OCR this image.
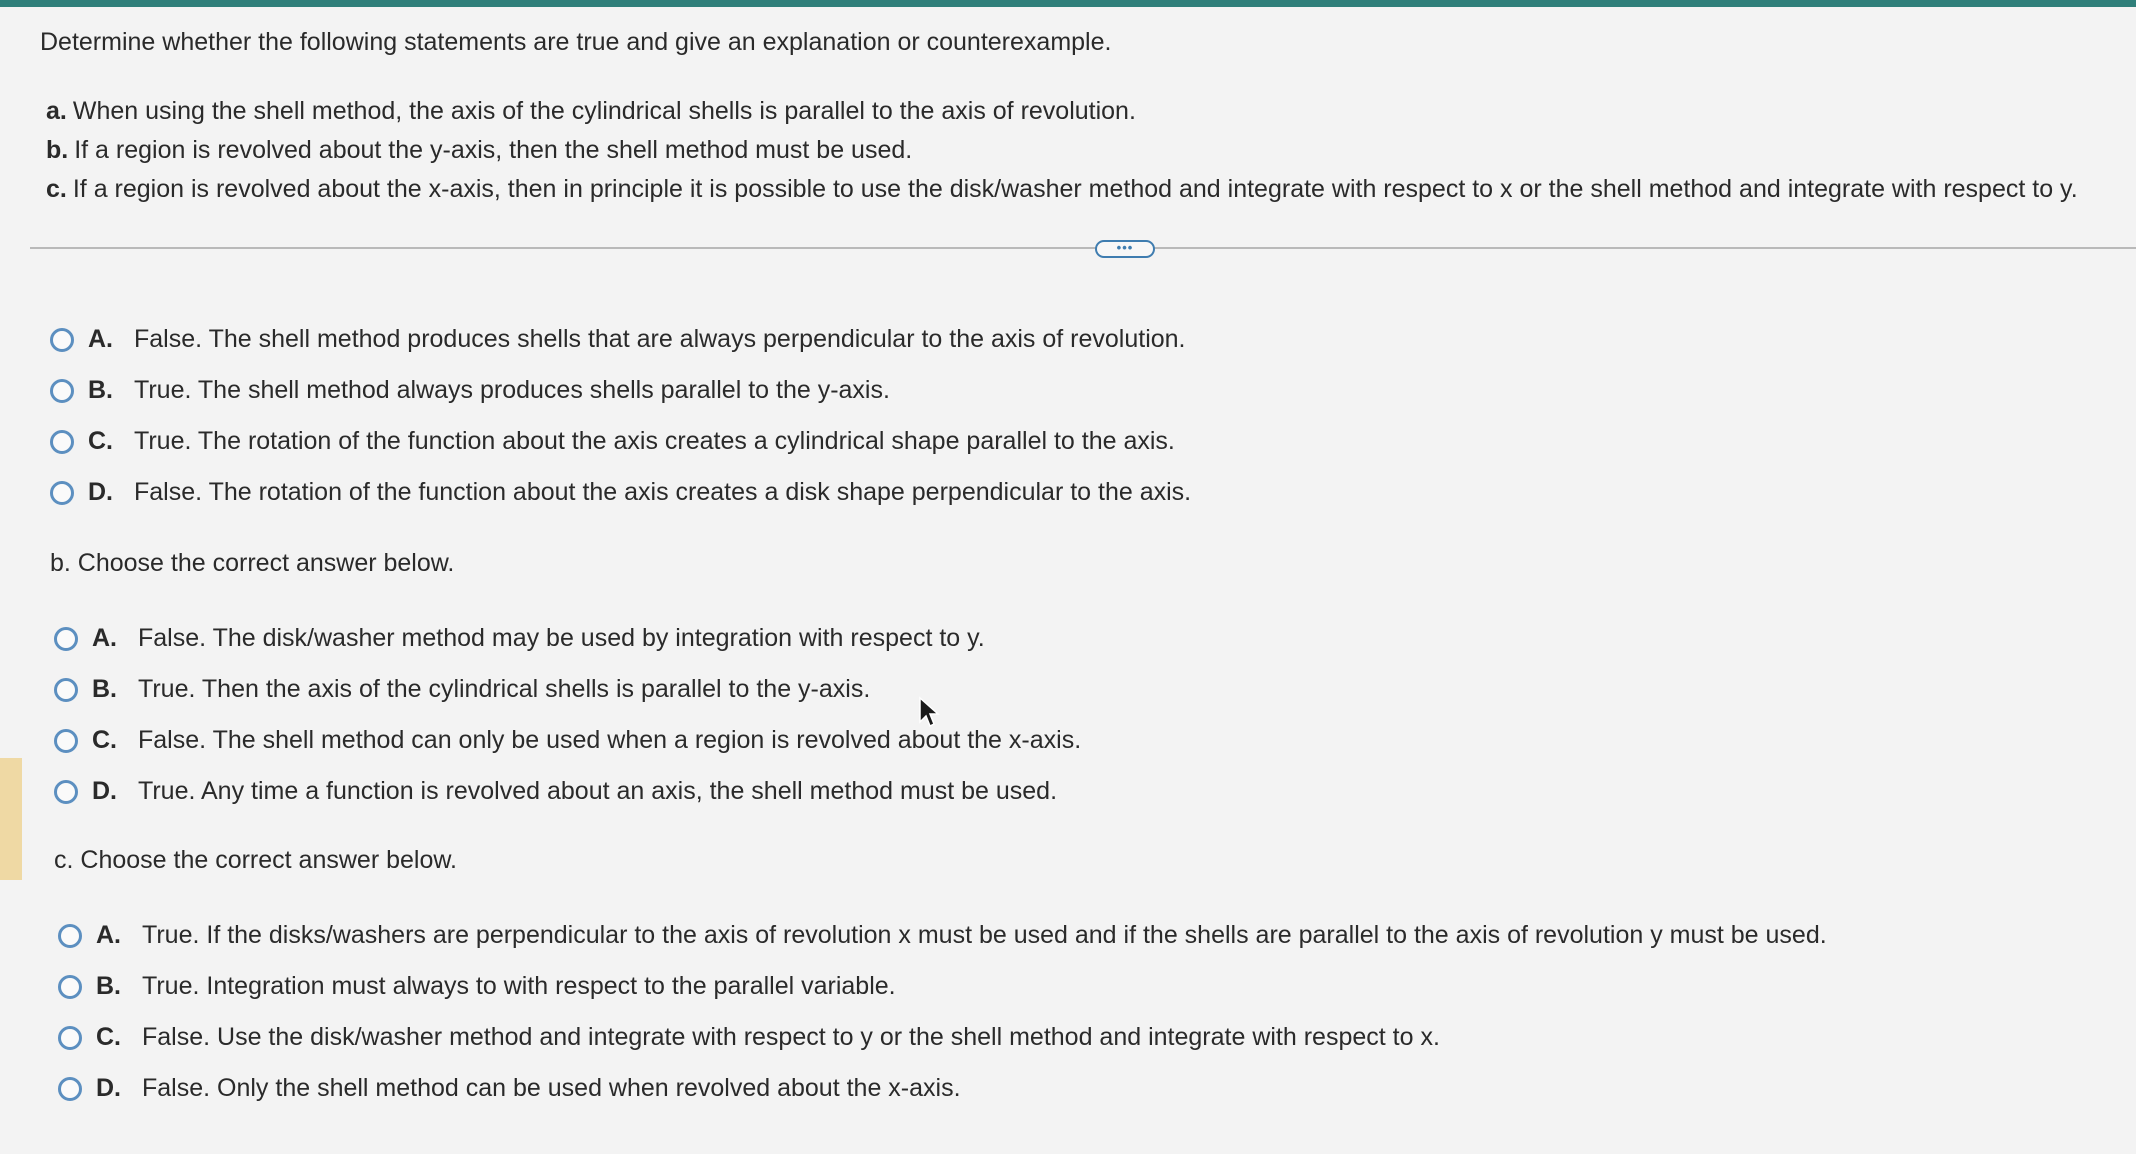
Determine whether the following statements are true and give an explanation or counterexample.
a. When using the shell method, the axis of the cylindrical shells is parallel to the axis of revolution.
b. If a region is revolved about the y-axis, then the shell method must be used.
c. If a region is revolved about the x-axis, then in principle it is possible to use the disk/washer method and integrate with respect to x or the shell method and integrate with respect to y.
•••
A. False. The shell method produces shells that are always perpendicular to the axis of revolution.
B. True. The shell method always produces shells parallel to the y-axis.
C. True. The rotation of the function about the axis creates a cylindrical shape parallel to the axis.
D. False. The rotation of the function about the axis creates a disk shape perpendicular to the axis.
b. Choose the correct answer below.
A. False. The disk/washer method may be used by integration with respect to y.
B. True. Then the axis of the cylindrical shells is parallel to the y-axis.
C. False. The shell method can only be used when a region is revolved about the x-axis.
D. True. Any time a function is revolved about an axis, the shell method must be used.
c. Choose the correct answer below.
A. True. If the disks/washers are perpendicular to the axis of revolution x must be used and if the shells are parallel to the axis of revolution y must be used.
B. True. Integration must always to with respect to the parallel variable.
C. False. Use the disk/washer method and integrate with respect to y or the shell method and integrate with respect to x.
D. False. Only the shell method can be used when revolved about the x-axis.
